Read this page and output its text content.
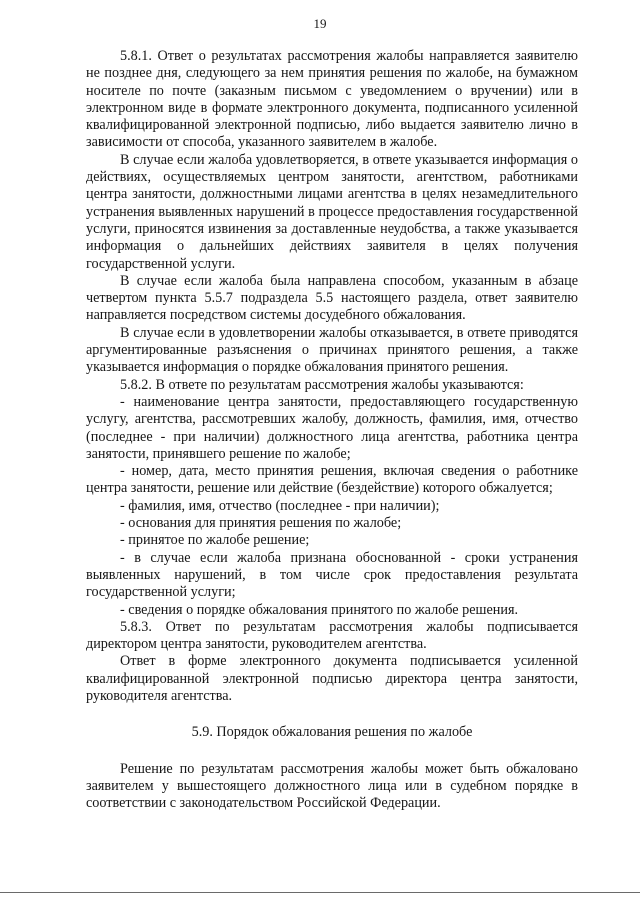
19

5.8.1. Ответ о результатах рассмотрения жалобы направляется заявителю не позднее дня, следующего за нем принятия решения по жалобе, на бумажном носителе по почте (заказным письмом с уведомлением о вручении) или в электронном виде в формате электронного документа, подписанного усиленной квалифицированной электронной подписью, либо выдается заявителю лично в зависимости от способа, указанного заявителем в жалобе.

В случае если жалоба удовлетворяется, в ответе указывается информация о действиях, осуществляемых центром занятости, агентством, работниками центра занятости, должностными лицами агентства в целях незамедлительного устранения выявленных нарушений в процессе предоставления государственной услуги, приносятся извинения за доставленные неудобства, а также указывается информация о дальнейших действиях заявителя в целях получения государственной услуги.

В случае если жалоба была направлена способом, указанным в абзаце четвертом пункта 5.5.7 подраздела 5.5 настоящего раздела, ответ заявителю направляется посредством системы досудебного обжалования.

В случае если в удовлетворении жалобы отказывается, в ответе приводятся аргументированные разъяснения о причинах принятого решения, а также указывается информация о порядке обжалования принятого решения.

5.8.2. В ответе по результатам рассмотрения жалобы указываются:

- наименование центра занятости, предоставляющего государственную услугу, агентства, рассмотревших жалобу, должность, фамилия, имя, отчество (последнее - при наличии) должностного лица агентства, работника центра занятости, принявшего решение по жалобе;

- номер, дата, место принятия решения, включая сведения о работнике центра занятости, решение или действие (бездействие) которого обжалуется;

- фамилия, имя, отчество (последнее - при наличии);

- основания для принятия решения по жалобе;

- принятое по жалобе решение;

- в случае если жалоба признана обоснованной - сроки устранения выявленных нарушений, в том числе срок предоставления результата государственной услуги;

- сведения о порядке обжалования принятого по жалобе решения.

5.8.3. Ответ по результатам рассмотрения жалобы подписывается директором центра занятости, руководителем агентства.

Ответ в форме электронного документа подписывается усиленной квалифицированной электронной подписью директора центра занятости, руководителя агентства.

5.9. Порядок обжалования решения по жалобе

Решение по результатам рассмотрения жалобы может быть обжаловано заявителем у вышестоящего должностного лица или в судебном порядке в соответствии с законодательством Российской Федерации.
